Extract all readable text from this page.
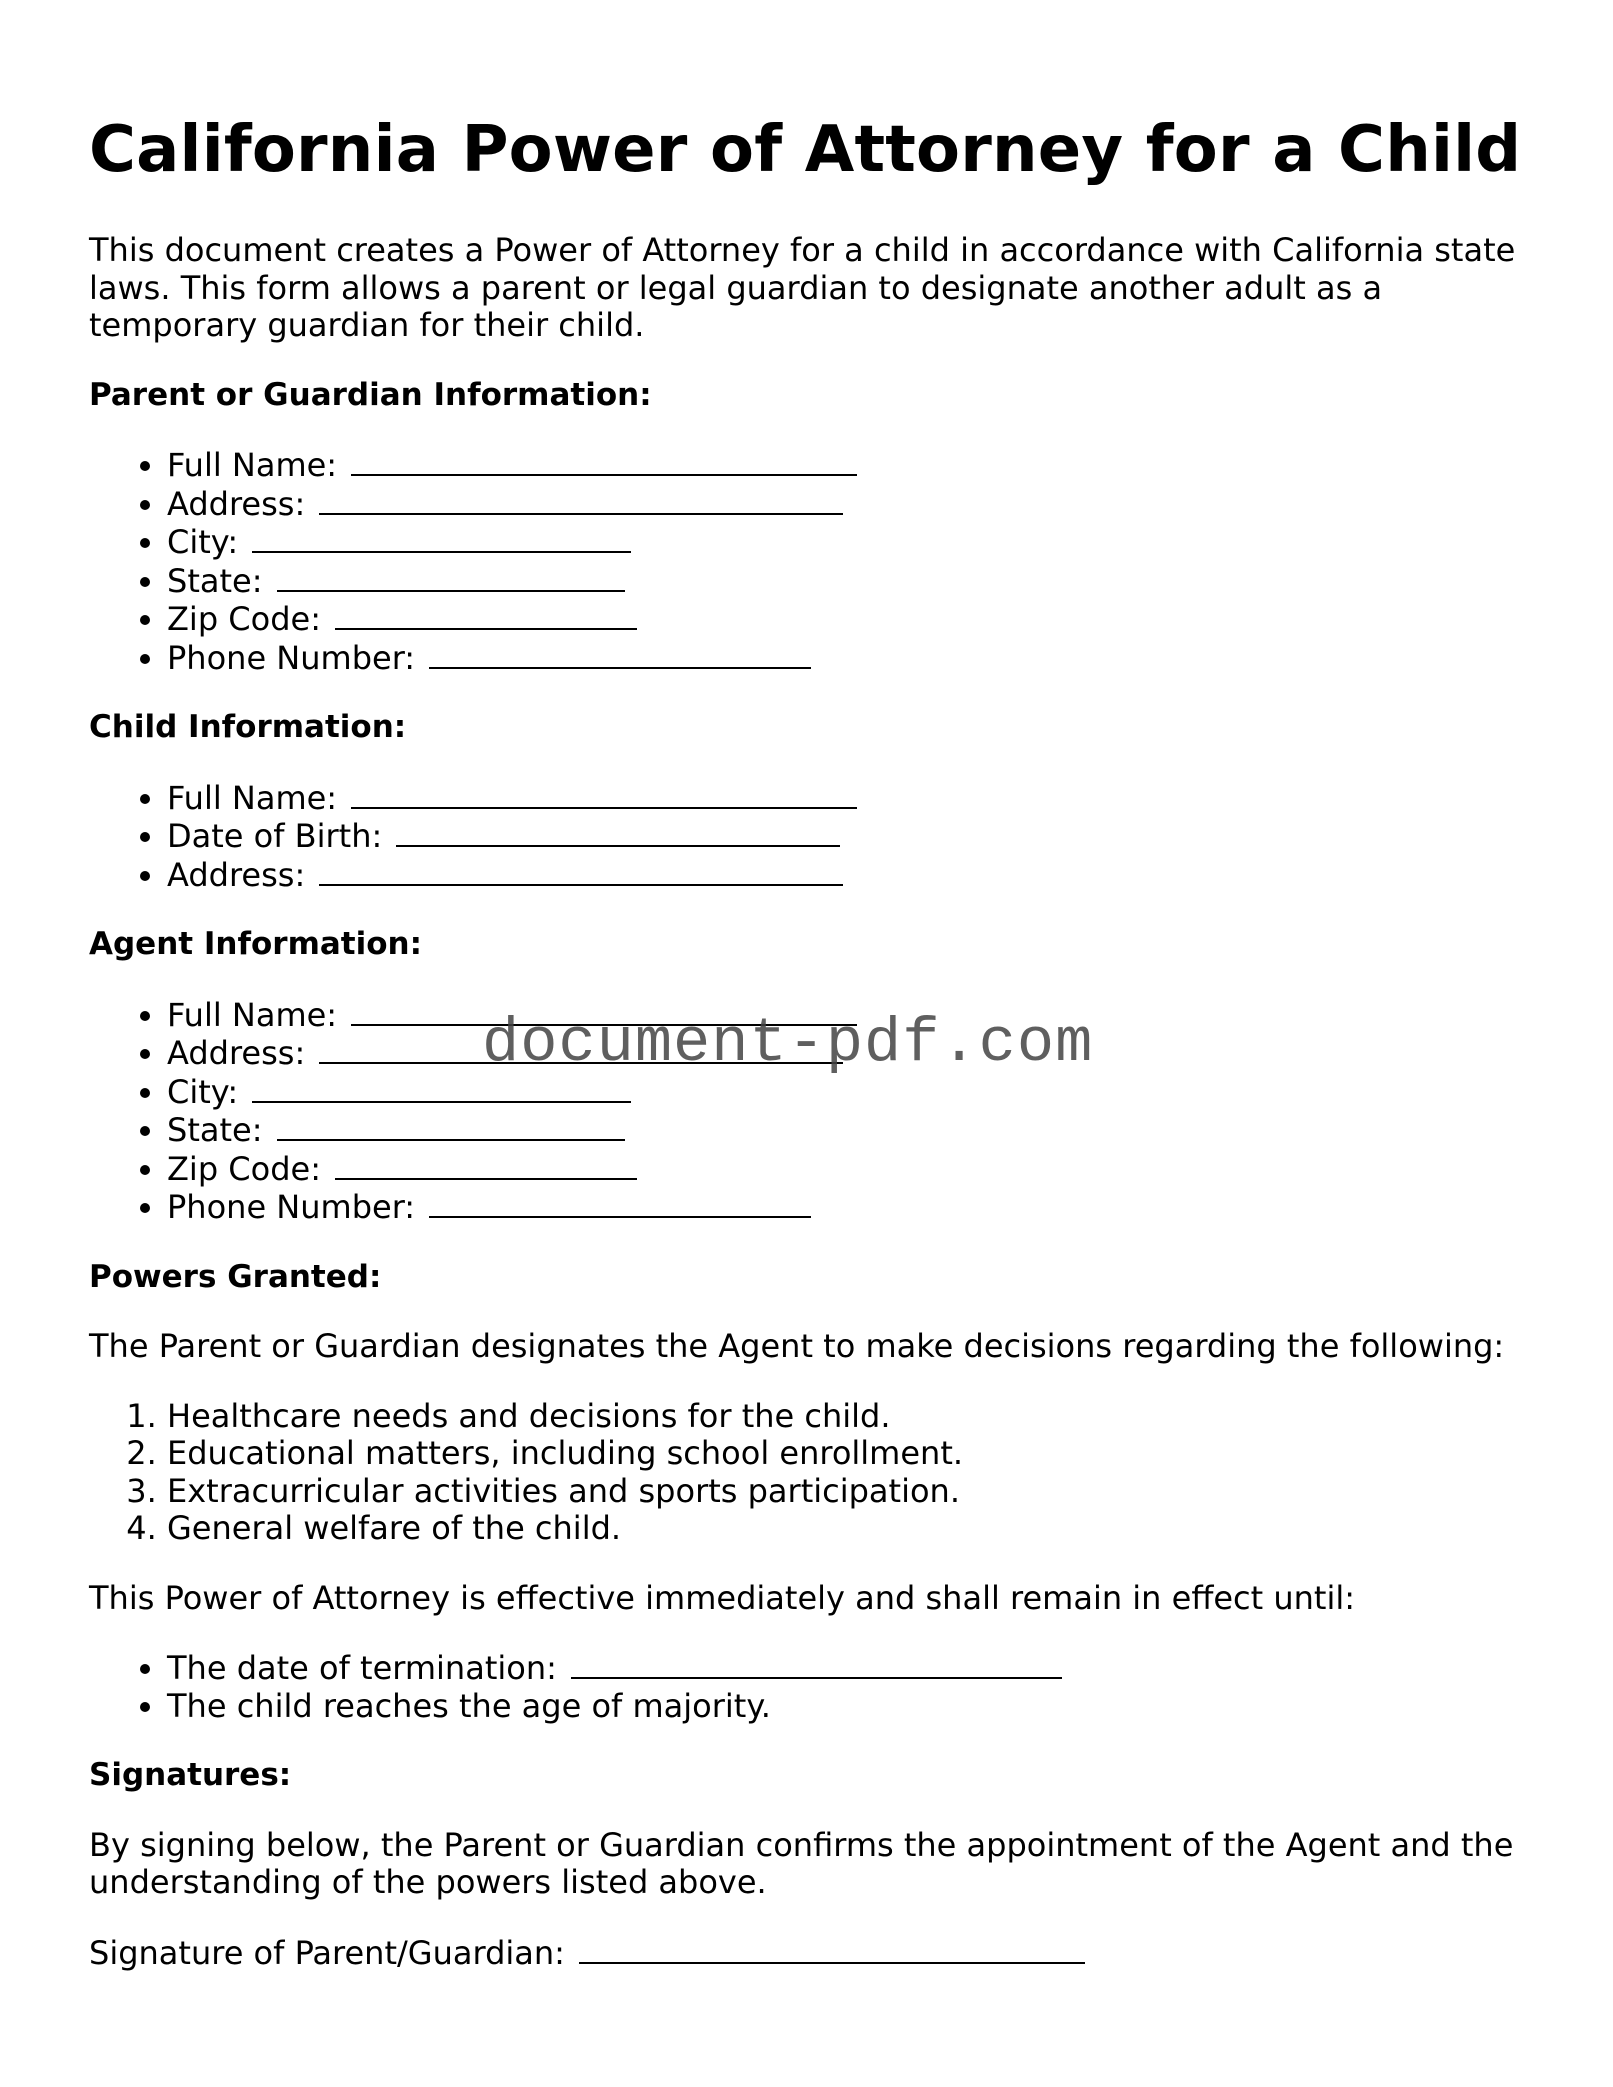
California Power of Attorney for a Child

This document creates a Power of Attorney for a child in accordance with California state laws. This form allows a parent or legal guardian to designate another adult as a temporary guardian for their child.

Parent or Guardian Information:
• Full Name:
• Address:
• City:
• State:
• Zip Code:
• Phone Number:
Child Information:
• Full Name:
• Date of Birth:
• Address:
Agent Information:
• Full Name:
• Address:
• City:
• State:
• Zip Code:
• Phone Number:
Powers Granted:

The Parent or Guardian designates the Agent to make decisions regarding the following:

1. Healthcare needs and decisions for the child.
2. Educational matters, including school enrollment.
3. Extracurricular activities and sports participation.
4. General welfare of the child.

This Power of Attorney is effective immediately and shall remain in effect until:

• The date of termination:
• The child reaches the age of majority.
Signatures:

By signing below, the Parent or Guardian confirms the appointment of the Agent and the understanding of the powers listed above.

Signature of Parent/Guardian:

document-pdf.com
